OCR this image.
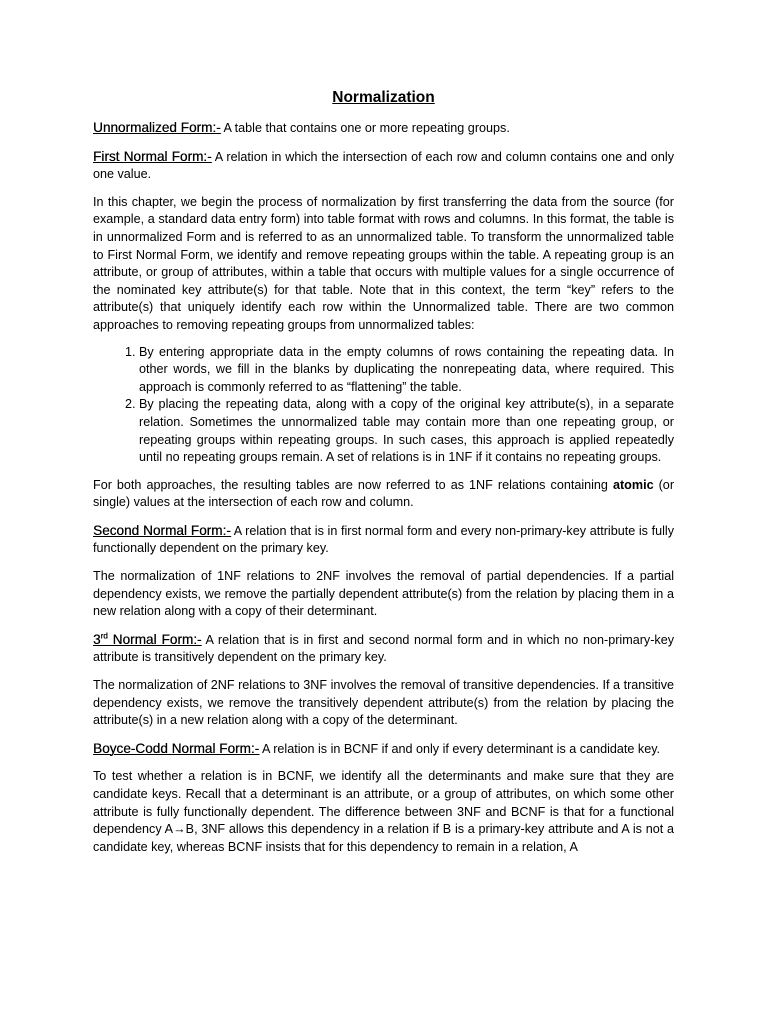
Normalization

Unnormalized Form:- A table that contains one or more repeating groups.

First Normal Form:- A relation in which the intersection of each row and column contains one and only one value.

In this chapter, we begin the process of normalization by first transferring the data from the source (for example, a standard data entry form) into table format with rows and columns. In this format, the table is in unnormalized Form and is referred to as an unnormalized table. To transform the unnormalized table to First Normal Form, we identify and remove repeating groups within the table. A repeating group is an attribute, or group of attributes, within a table that occurs with multiple values for a single occurrence of the nominated key attribute(s) for that table. Note that in this context, the term “key” refers to the attribute(s) that uniquely identify each row within the Unnormalized table. There are two common approaches to removing repeating groups from unnormalized tables:

1. By entering appropriate data in the empty columns of rows containing the repeating data. In other words, we fill in the blanks by duplicating the nonrepeating data, where required. This approach is commonly referred to as “flattening” the table.
2. By placing the repeating data, along with a copy of the original key attribute(s), in a separate relation. Sometimes the unnormalized table may contain more than one repeating group, or repeating groups within repeating groups. In such cases, this approach is applied repeatedly until no repeating groups remain. A set of relations is in 1NF if it contains no repeating groups.

For both approaches, the resulting tables are now referred to as 1NF relations containing atomic (or single) values at the intersection of each row and column.

Second Normal Form:- A relation that is in first normal form and every non-primary-key attribute is fully functionally dependent on the primary key.

The normalization of 1NF relations to 2NF involves the removal of partial dependencies. If a partial dependency exists, we remove the partially dependent attribute(s) from the relation by placing them in a new relation along with a copy of their determinant.

3rd Normal Form:- A relation that is in first and second normal form and in which no non-primary-key attribute is transitively dependent on the primary key.

The normalization of 2NF relations to 3NF involves the removal of transitive dependencies. If a transitive dependency exists, we remove the transitively dependent attribute(s) from the relation by placing the attribute(s) in a new relation along with a copy of the determinant.

Boyce-Codd Normal Form:- A relation is in BCNF if and only if every determinant is a candidate key.

To test whether a relation is in BCNF, we identify all the determinants and make sure that they are candidate keys. Recall that a determinant is an attribute, or a group of attributes, on which some other attribute is fully functionally dependent. The difference between 3NF and BCNF is that for a functional dependency A→B, 3NF allows this dependency in a relation if B is a primary-key attribute and A is not a candidate key, whereas BCNF insists that for this dependency to remain in a relation, A
